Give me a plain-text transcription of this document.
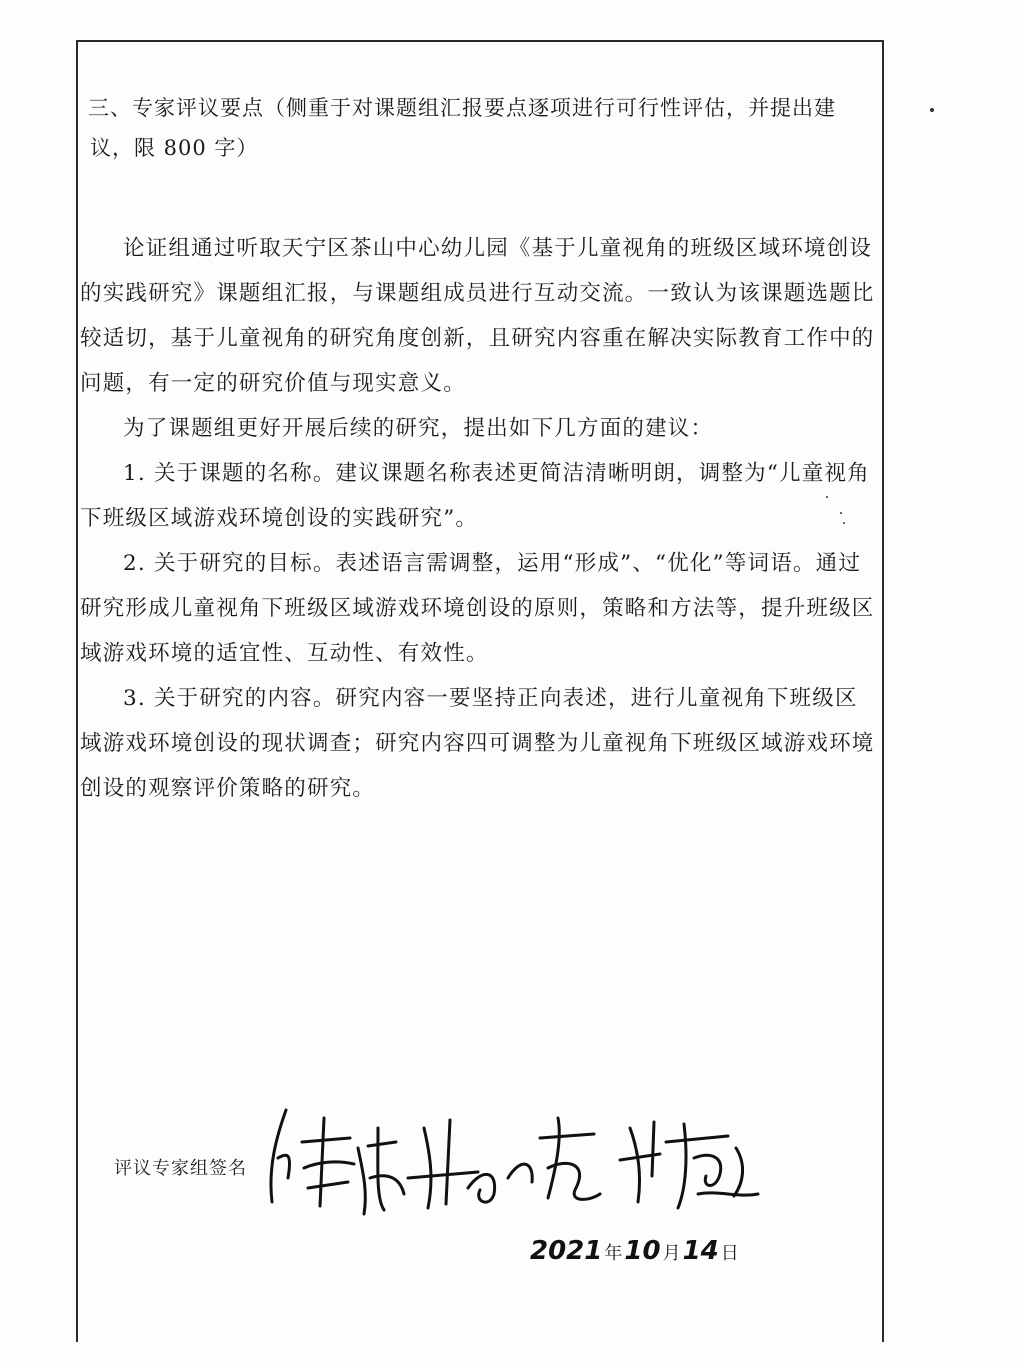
三、专家评议要点（侧重于对课题组汇报要点逐项进行可行性评估，并提出建
议，限 800 字）

论证组通过听取天宁区茶山中心幼儿园《基于儿童视角的班级区域环境创设的实践研究》课题组汇报，与课题组成员进行互动交流。一致认为该课题选题比较适切，基于儿童视角的研究角度创新，且研究内容重在解决实际教育工作中的问题，有一定的研究价值与现实意义。

为了课题组更好开展后续的研究，提出如下几方面的建议：

1. 关于课题的名称。建议课题名称表述更简洁清晰明朗，调整为“儿童视角下班级区域游戏环境创设的实践研究”。

2. 关于研究的目标。表述语言需调整，运用“形成”、“优化”等词语。通过研究形成儿童视角下班级区域游戏环境创设的原则，策略和方法等，提升班级区域游戏环境的适宜性、互动性、有效性。

3. 关于研究的内容。研究内容一要坚持正向表述，进行儿童视角下班级区域游戏环境创设的现状调查；研究内容四可调整为儿童视角下班级区域游戏环境创设的观察评价策略的研究。

评议专家组签名
2021 年 10 月 14 日
